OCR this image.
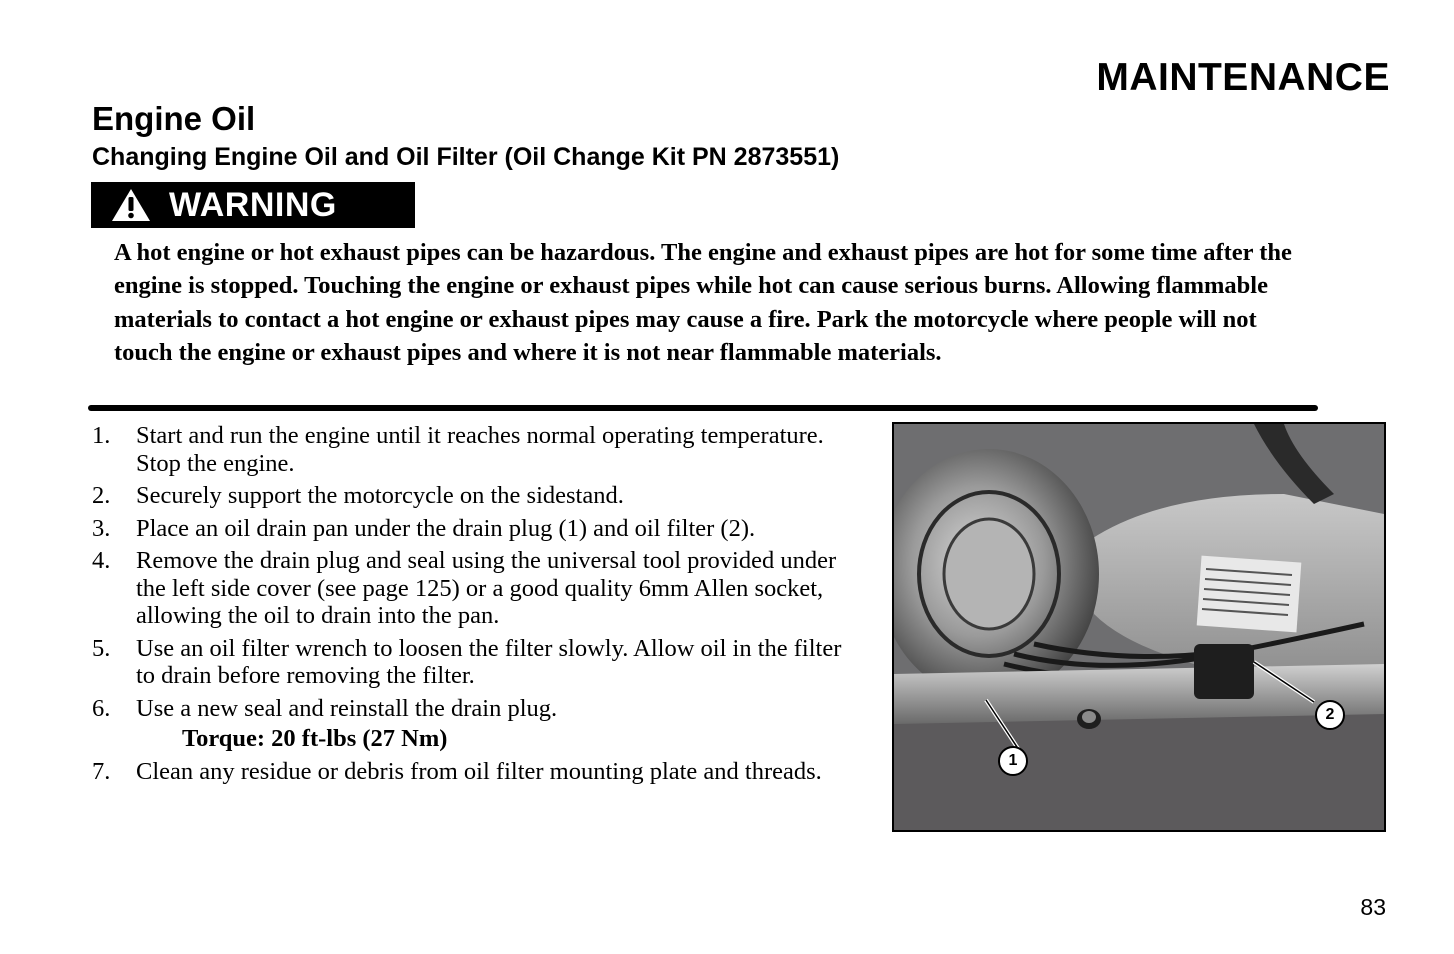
MAINTENANCE
Engine Oil
Changing Engine Oil and Oil Filter (Oil Change Kit PN 2873551)
WARNING
A hot engine or hot exhaust pipes can be hazardous. The engine and exhaust pipes are hot for some time after the engine is stopped. Touching the engine or exhaust pipes while hot can cause serious burns. Allowing flammable materials to contact a hot engine or exhaust pipes may cause a fire. Park the motorcycle where people will not touch the engine or exhaust pipes and where it is not near flammable materials.
1. Start and run the engine until it reaches normal operating temperature. Stop the engine.
2. Securely support the motorcycle on the sidestand.
3. Place an oil drain pan under the drain plug (1) and oil filter (2).
4. Remove the drain plug and seal using the universal tool provided under the left side cover (see page 125) or a good quality 6mm Allen socket, allowing the oil to drain into the pan.
5. Use an oil filter wrench to loosen the filter slowly. Allow oil in the filter to drain before removing the filter.
6. Use a new seal and reinstall the drain plug.
Torque: 20 ft-lbs (27 Nm)
7. Clean any residue or debris from oil filter mounting plate and threads.	1
2
83
